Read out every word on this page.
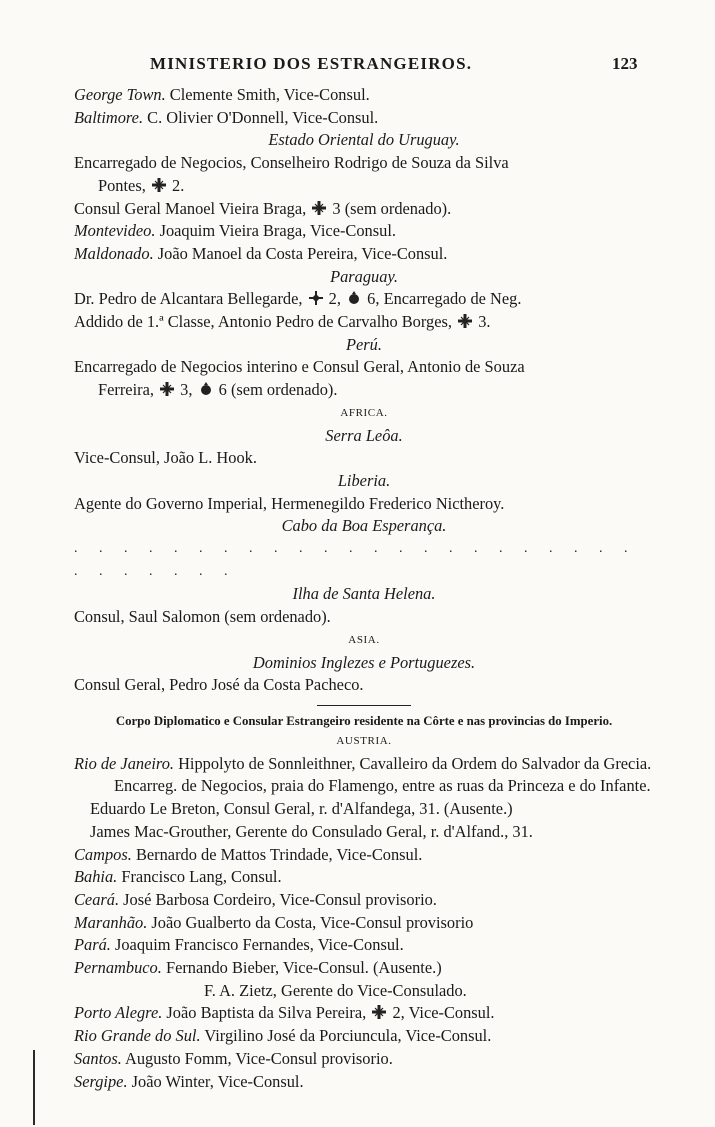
MINISTERIO DOS ESTRANGEIROS.	123
George Town. Clemente Smith, Vice-Consul.
Baltimore. C. Olivier O'Donnell, Vice-Consul.
Estado Oriental do Uruguay.
Encarregado de Negocios, Conselheiro Rodrigo de Souza da Silva
Pontes,  2.
Consul Geral Manoel Vieira Braga,  3 (sem ordenado).
Montevideo. Joaquim Vieira Braga, Vice-Consul.
Maldonado. João Manoel da Costa Pereira, Vice-Consul.
Paraguay.
Dr. Pedro de Alcantara Bellegarde,  2,  6, Encarregado de Neg.
Addido de 1.ª Classe, Antonio Pedro de Carvalho Borges,  3.
Perú.
Encarregado de Negocios interino e Consul Geral, Antonio de Souza
Ferreira,  3,  6 (sem ordenado).
AFRICA.
Serra Leôa.
Vice-Consul, João L. Hook.
Liberia.
Agente do Governo Imperial, Hermenegildo Frederico Nictheroy.
Cabo da Boa Esperança.
. . . . . . . . . . . . . . . . . . . . . . . . . . . . . .
Ilha de Santa Helena.
Consul, Saul Salomon (sem ordenado).
ASIA.
Dominios Inglezes e Portuguezes.
Consul Geral, Pedro José da Costa Pacheco.
Corpo Diplomatico e Consular Estrangeiro residente na Côrte e nas provincias do Imperio.
AUSTRIA.
Rio de Janeiro. Hippolyto de Sonnleithner, Cavalleiro da Ordem do Salvador da Grecia. Encarreg. de Negocios, praia do Flamengo, entre as ruas da Princeza e do Infante.
Eduardo Le Breton, Consul Geral, r. d'Alfandega, 31. (Ausente.)
James Mac-Grouther, Gerente do Consulado Geral, r. d'Alfand., 31.
Campos. Bernardo de Mattos Trindade, Vice-Consul.
Bahia. Francisco Lang, Consul.
Ceará. José Barbosa Cordeiro, Vice-Consul provisorio.
Maranhão. João Gualberto da Costa, Vice-Consul provisorio
Pará. Joaquim Francisco Fernandes, Vice-Consul.
Pernambuco. Fernando Bieber, Vice-Consul. (Ausente.)
F. A. Zietz, Gerente do Vice-Consulado.
Porto Alegre. João Baptista da Silva Pereira,  2, Vice-Consul.
Rio Grande do Sul. Virgilino José da Porciuncula, Vice-Consul.
Santos. Augusto Fomm, Vice-Consul provisorio.
Sergipe. João Winter, Vice-Consul.
